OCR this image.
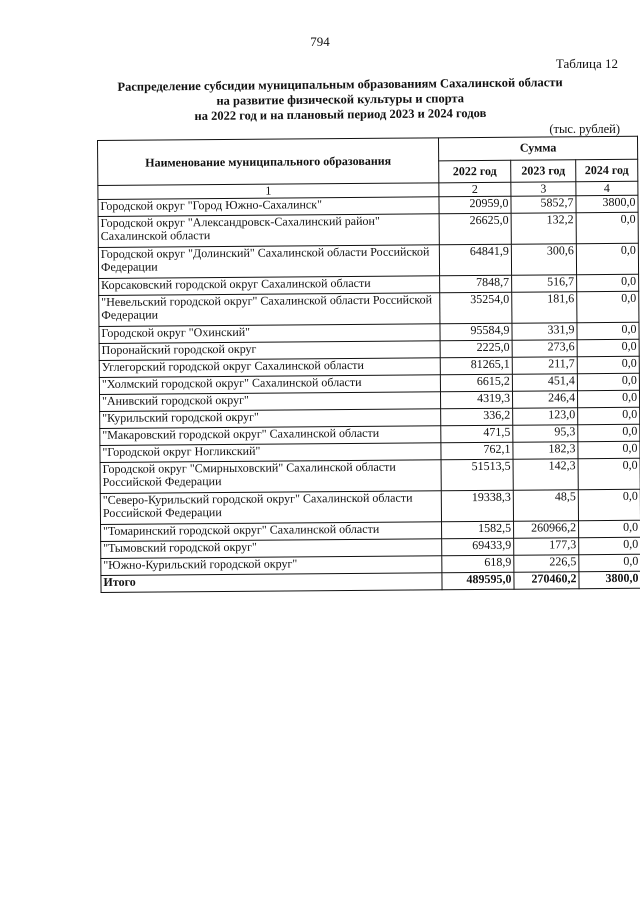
794
Таблица 12
Распределение субсидии муниципальным образованиям Сахалинской области
на развитие физической культуры и спорта
на 2022 год и на плановый период 2023 и 2024 годов
(тыс. рублей)
Наименование муниципального образования	Сумма		
	2022 год	2023 год	2024 год
1	2	3	4
Городской округ "Город Южно-Сахалинск"	20959,0	5852,7	3800,0
Городской округ "Александровск-Сахалинский район" Сахалинской области	26625,0	132,2	0,0
Городской округ "Долинский" Сахалинской области Российской Федерации	64841,9	300,6	0,0
Корсаковский городской округ Сахалинской области	7848,7	516,7	0,0
"Невельский городской округ" Сахалинской области Российской Федерации	35254,0	181,6	0,0
Городской округ "Охинский"	95584,9	331,9	0,0
Поронайский городской округ	2225,0	273,6	0,0
Углегорский городской округ Сахалинской области	81265,1	211,7	0,0
"Холмский городской округ" Сахалинской области	6615,2	451,4	0,0
"Анивский городской округ"	4319,3	246,4	0,0
"Курильский городской округ"	336,2	123,0	0,0
"Макаровский городской округ" Сахалинской области	471,5	95,3	0,0
"Городской округ Ногликский"	762,1	182,3	0,0
Городской округ "Смирныховский" Сахалинской области Российской Федерации	51513,5	142,3	0,0
"Северо-Курильский городской округ" Сахалинской области Российской Федерации	19338,3	48,5	0,0
"Томаринский городской округ" Сахалинской области	1582,5	260966,2	0,0
"Тымовский городской округ"	69433,9	177,3	0,0
"Южно-Курильский городской округ"	618,9	226,5	0,0
Итого	489595,0	270460,2	3800,0
